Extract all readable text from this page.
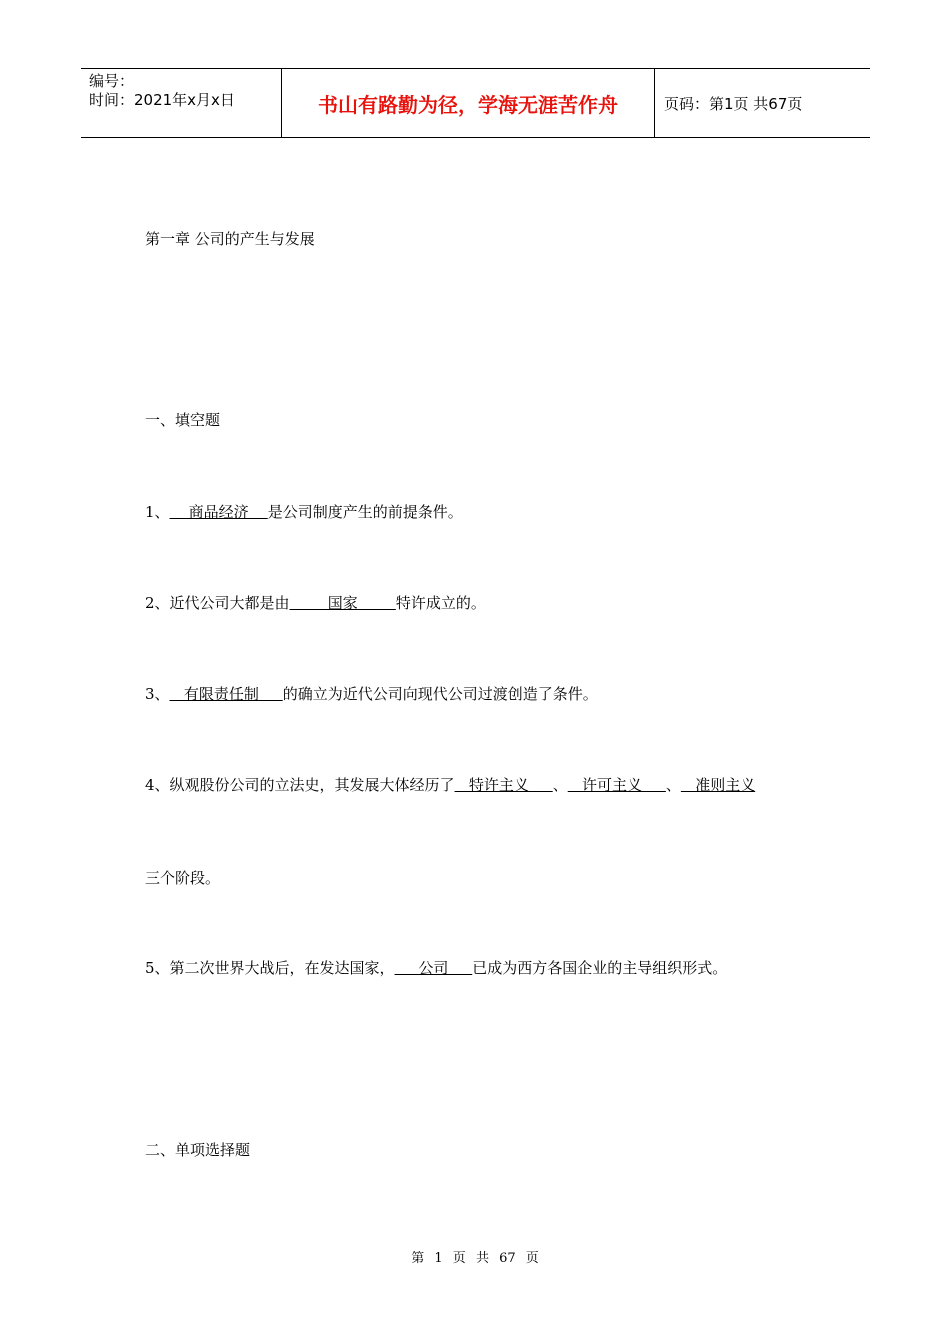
编号：
时间：2021年x月x日	书山有路勤为径，学海无涯苦作舟	页码：第1页 共67页
第一章 公司的产生与发展
一、填空题
1、    商品经济    是公司制度产生的前提条件。
2、近代公司大都是由        国家        特许成立的。
3、   有限责任制     的确立为近代公司向现代公司过渡创造了条件。
4、纵观股份公司的立法史，其发展大体经历了   特许主义     、   许可主义     、   准则主义
三个阶段。
5、第二次世界大战后，在发达国家，     公司     已成为西方各国企业的主导组织形式。
二、单项选择题
第 1 页 共 67 页
